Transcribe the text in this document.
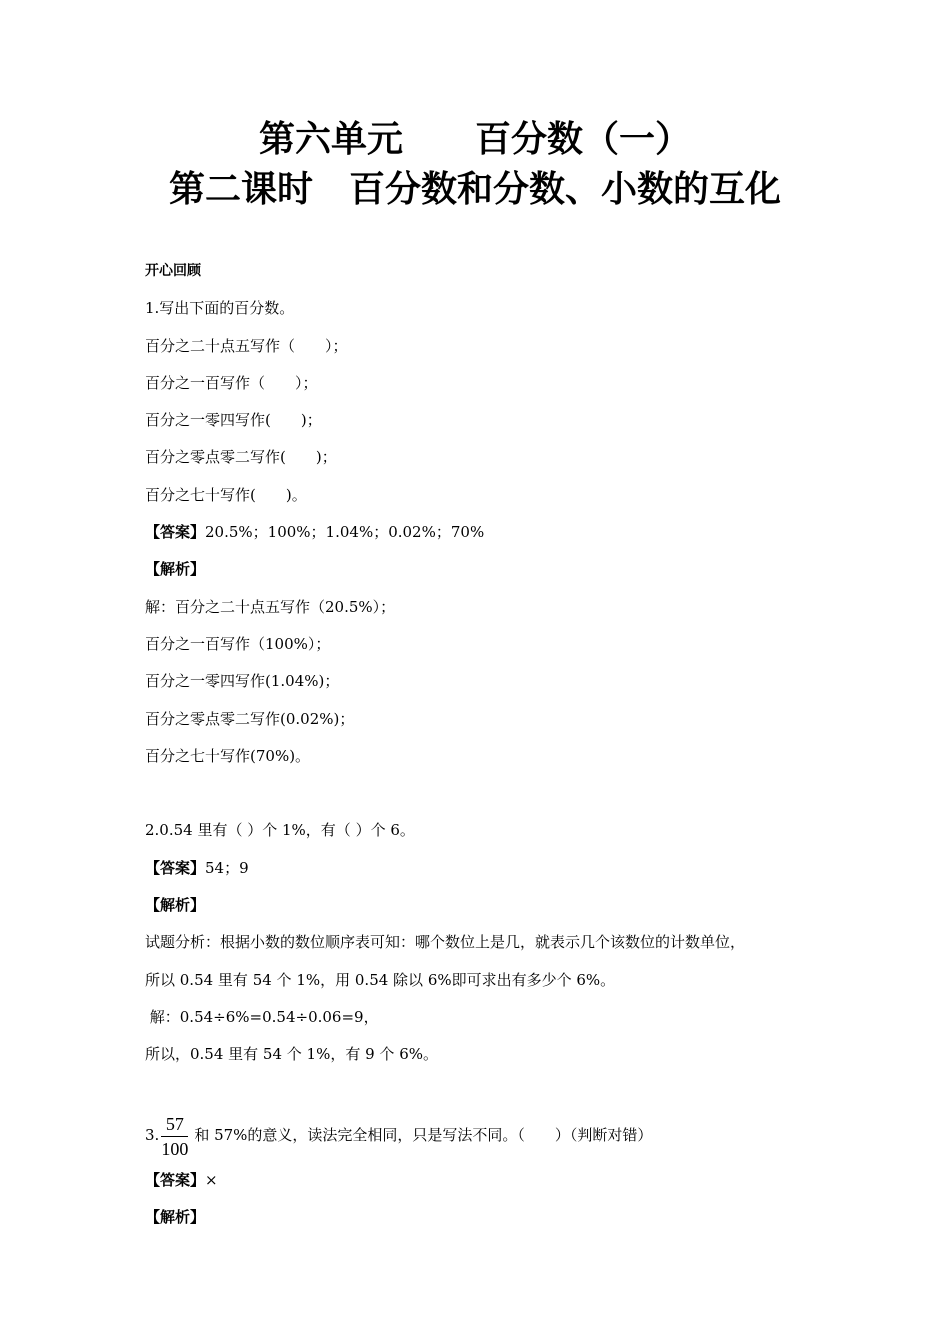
第六单元　　百分数（一）
第二课时　百分数和分数、小数的互化
开心回顾
1.写出下面的百分数。
百分之二十点五写作（　　）；
百分之一百写作（　　）；
百分之一零四写作(　　)；
百分之零点零二写作(　　)；
百分之七十写作(　　)。
【答案】20.5%；100%；1.04%；0.02%；70%
【解析】
解：百分之二十点五写作（20.5%）；
百分之一百写作（100%）；
百分之一零四写作(1.04%)；
百分之零点零二写作(0.02%)；
百分之七十写作(70%)。
2.0.54 里有（ ）个 1%，有（ ）个 6。
【答案】54；9
【解析】
试题分析：根据小数的数位顺序表可知：哪个数位上是几，就表示几个该数位的计数单位，
所以 0.54 里有 54 个 1%，用 0.54 除以 6%即可求出有多少个 6%。
解：0.54÷6%=0.54÷0.06=9，
所以，0.54 里有 54 个 1%，有 9 个 6%。
3. $\frac{57}{100}$ 和 57%的意义，读法完全相同，只是写法不同。（　　）（判断对错）
【答案】×
【解析】
